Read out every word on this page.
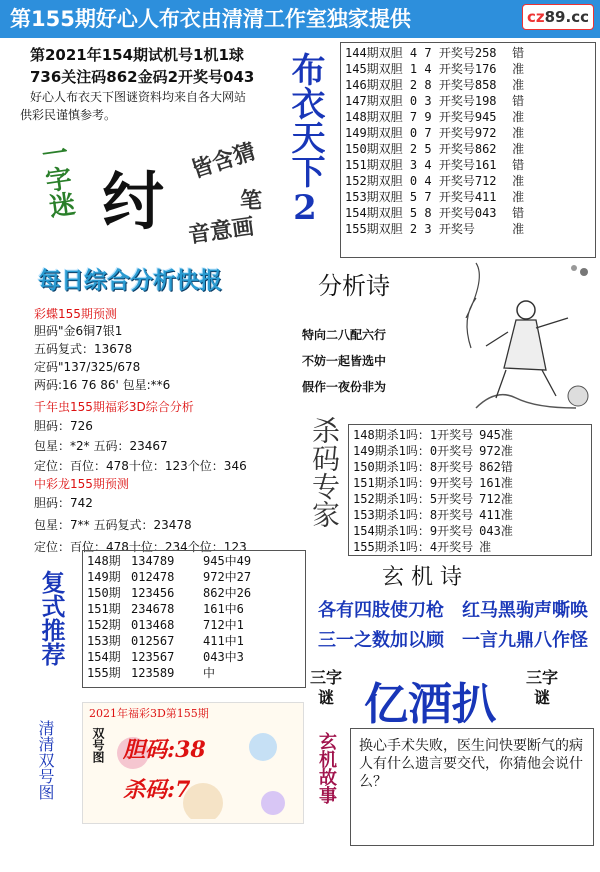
第155期好心人布衣由清清工作室独家提供	cz89.cc
第2021年154期试机号1机1球
736关注码862金码2开奖号043
好心人布衣天下图谜资料均来自各大网站
供彩民谨慎参考。	布衣天下2
一字迷 纣
皆含猜
笔
音意画
144期双胆 4 7 开奖号258 错
145期双胆 1 4 开奖号176 准
146期双胆 2 8 开奖号858 准
147期双胆 0 3 开奖号198 错
148期双胆 7 9 开奖号945 准
149期双胆 0 7 开奖号972 准
150期双胆 2 5 开奖号862 准
151期双胆 3 4 开奖号161 错
152期双胆 0 4 开奖号712 准
153期双胆 5 7 开奖号411 准
154期双胆 5 8 开奖号043 错
155期双胆 2 3 开奖号	准
每日综合分析快报
彩蝶155期预测
胆码"金6铜7银1
五码复式：13678
定码"137/325/678
两码:16 76 86' 包星:**6
千年虫155期福彩3D综合分析
胆码：726
包星：*2* 五码：23467
定位：百位：478十位：123个位：346
中彩龙155期预测
胆码：742
包星：7** 五码复式：23478
定位：百位：478十位：234个位：123
分析诗
特向二八配六行
不妨一起皆选中
假作一夜份非为
杀码专家 148期杀1吗：1开奖号 945准
149期杀1吗：0开奖号 972准
150期杀1吗：8开奖号 862错
151期杀1吗：9开奖号 161准
152期杀1吗：5开奖号 712准
153期杀1吗：8开奖号 411准
154期杀1吗：9开奖号 043准
155期杀1吗：4开奖号 准
复式推荐
148期 134789 945中49
149期 012478 972中27
150期 123456 862中26
151期 234678 161中6
152期 013468 712中1
153期 012567 411中1
154期 123567 043中3
155期 123589 中
玄 机 诗
各有四肢使刀枪　红马黑驹声嘶唤
三一之数加以顾　一言九鼎八作怪
三字谜 亿酒扒
三字谜
玄机故事	换心手术失败，医生问快要断气的病人有什么遗言要交代，你猜他会说什么？
清清双号图
2021年福彩3D第155期
双号图 胆码:38
杀码:7
